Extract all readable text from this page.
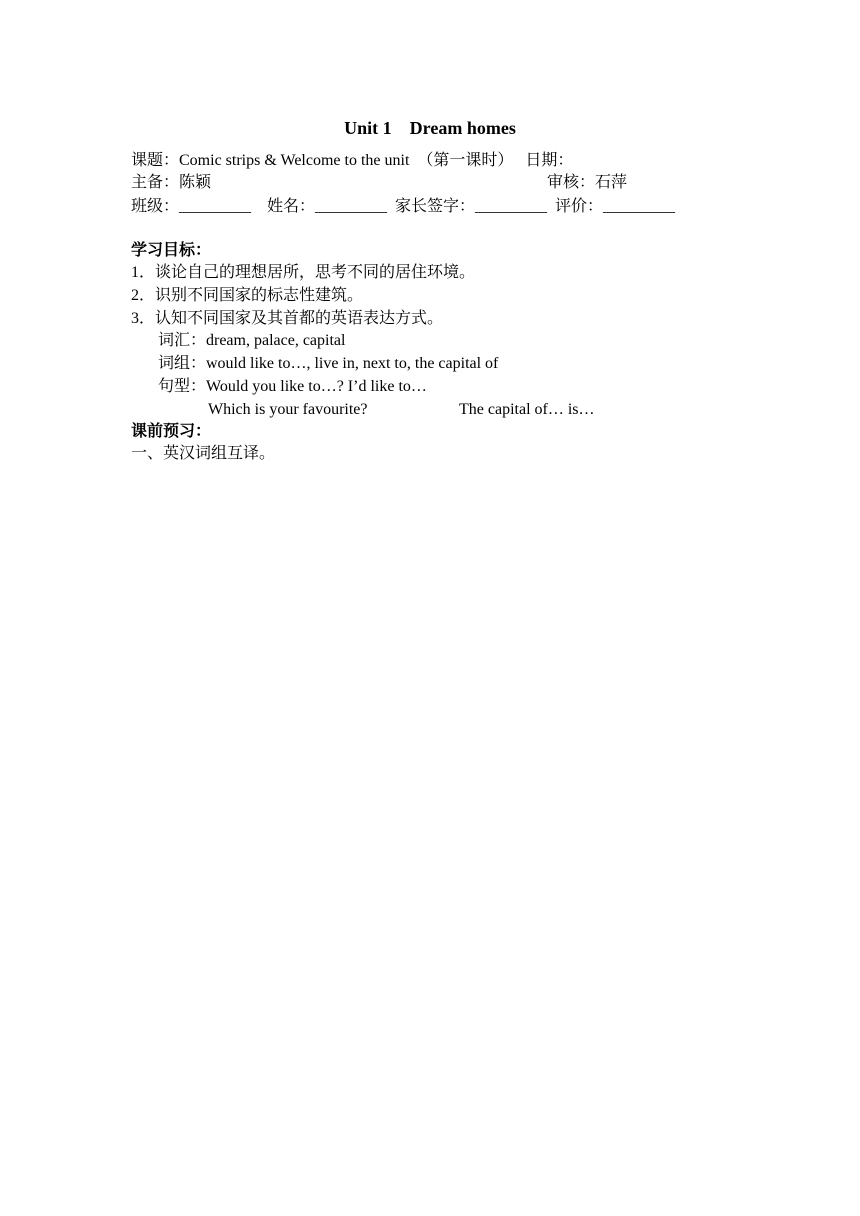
Unit 1    Dream homes
课题：Comic strips & Welcome to the unit  （第一课时）   日期：
主备：陈颖	审核：石萍
班级：_________    姓名：_________  家长签字：_________  评价：_________
学习目标：
1．谈论自己的理想居所，思考不同的居住环境。
2．识别不同国家的标志性建筑。
3．认知不同国家及其首都的英语表达方式。
词汇：dream, palace, capital
词组：would like to…, live in, next to, the capital of
句型：Would you like to…? I’d like to…
Which is your favourite?	The capital of… is…
课前预习：
一、英汉词组互译。
